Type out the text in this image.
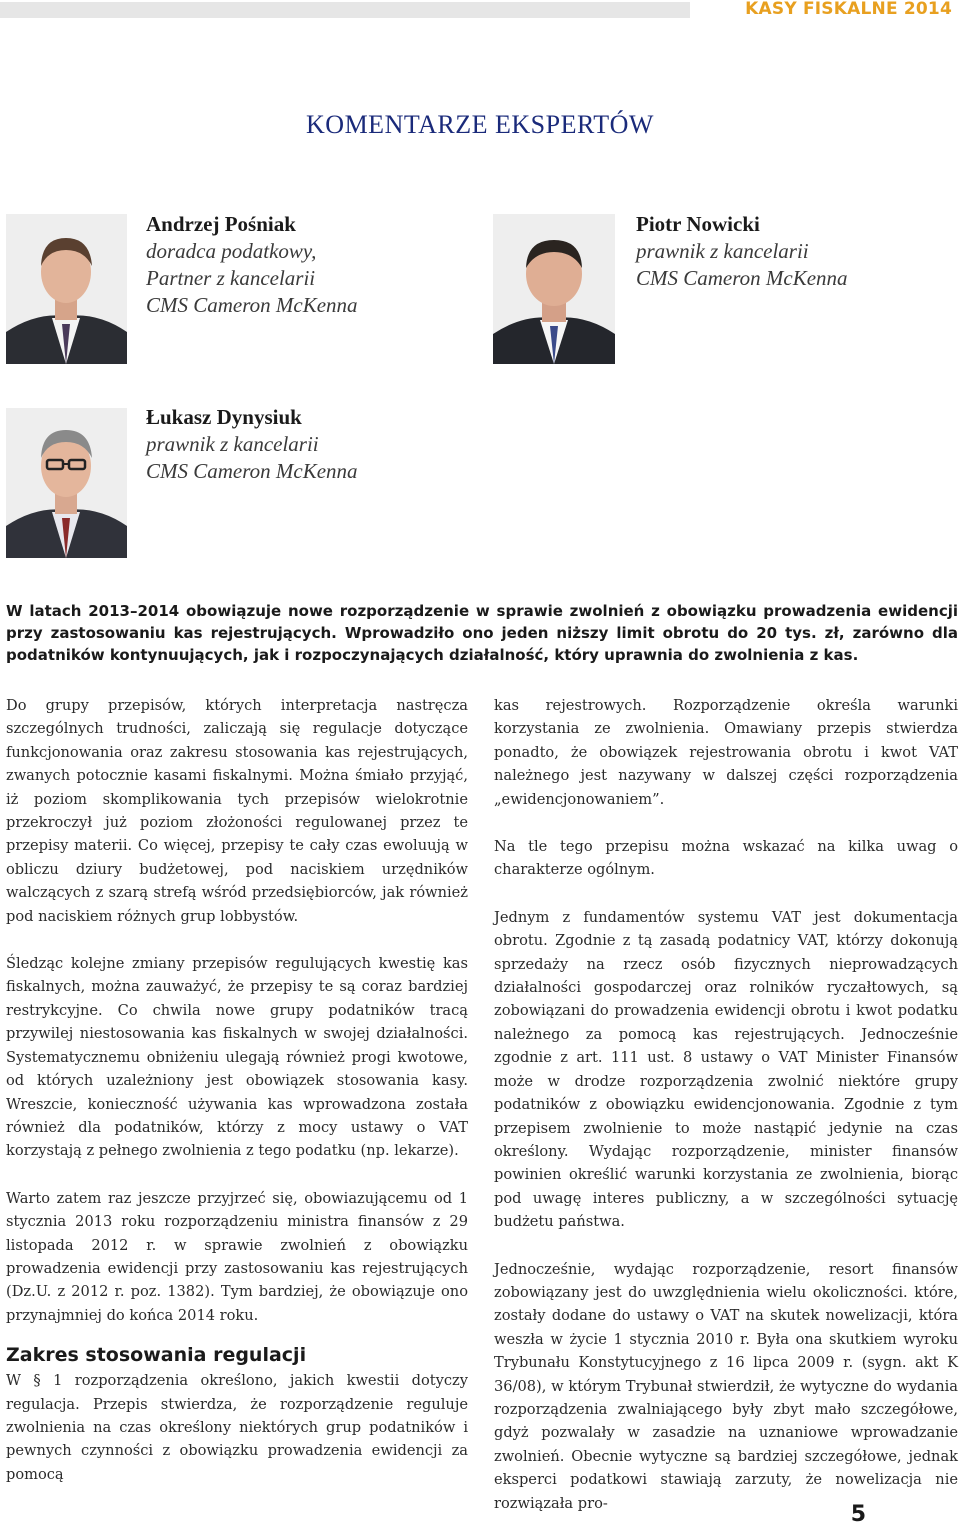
KASY FISKALNE 2014
KOMENTARZE EKSPERTÓW
Andrzej Pośniak
doradca podatkowy,
Partner z kancelarii
CMS Cameron McKenna
Piotr Nowicki
prawnik z kancelarii
CMS Cameron McKenna
Łukasz Dynysiuk
prawnik z kancelarii
CMS Cameron McKenna
W latach 2013–2014 obowiązuje nowe rozporządzenie w sprawie zwolnień z obowiązku prowadzenia ewidencji przy zastosowaniu kas rejestrujących. Wprowadziło ono jeden niższy limit obrotu do 20 tys. zł, zarówno dla podatników kontynuujących, jak i rozpoczynających działalność, który uprawnia do zwolnienia z kas.

Do grupy przepisów, których interpretacja nastręcza szczególnych trudności, zaliczają się regulacje dotyczące funkcjonowania oraz zakresu stosowania kas rejestrujących, zwanych potocznie kasami fiskalnymi. Można śmiało przyjąć, iż poziom skomplikowania tych przepisów wielokrotnie przekroczył już poziom złożoności regulowanej przez te przepisy materii. Co więcej, przepisy te cały czas ewoluują w obliczu dziury budżetowej, pod naciskiem urzędników walczących z szarą strefą wśród przedsiębiorców, jak również pod naciskiem różnych grup lobbystów.

Śledząc kolejne zmiany przepisów regulujących kwestię kas fiskalnych, można zauważyć, że przepisy te są coraz bardziej restrykcyjne. Co chwila nowe grupy podatników tracą przywilej niestosowania kas fiskalnych w swojej działalności. Systematycznemu obniżeniu ulegają również progi kwotowe, od których uzależniony jest obowiązek stosowania kasy. Wreszcie, konieczność używania kas wprowadzona została również dla podatników, którzy z mocy ustawy o VAT korzystają z pełnego zwolnienia z tego podatku (np. lekarze).

Warto zatem raz jeszcze przyjrzeć się, obowiazującemu od 1 stycznia 2013 roku rozporządzeniu ministra finansów z 29 listopada 2012 r. w sprawie zwolnień z obowiązku prowadzenia ewidencji przy zastosowaniu kas rejestrujących (Dz.U. z 2012 r. poz. 1382). Tym bardziej, że obowiązuje ono przynajmniej do końca 2014 roku.

Zakres stosowania regulacji

W § 1 rozporządzenia określono, jakich kwestii dotyczy regulacja. Przepis stwierdza, że rozporządzenie reguluje zwolnienia na czas określony niektórych grup podatników i pewnych czynności z obowiązku prowadzenia ewidencji za pomocą

kas rejestrowych. Rozporządzenie określa warunki korzystania ze zwolnienia. Omawiany przepis stwierdza ponadto, że obowiązek rejestrowania obrotu i kwot VAT należnego jest nazywany w dalszej części rozporządzenia „ewidencjonowaniem”.

Na tle tego przepisu można wskazać na kilka uwag o charakterze ogólnym.

Jednym z fundamentów systemu VAT jest dokumentacja obrotu. Zgodnie z tą zasadą podatnicy VAT, którzy dokonują sprzedaży na rzecz osób fizycznych nieprowadzących działalności gospodarczej oraz rolników ryczałtowych, są zobowiązani do prowadzenia ewidencji obrotu i kwot podatku należnego za pomocą kas rejestrujących. Jednocześnie zgodnie z art. 111 ust. 8 ustawy o VAT Minister Finansów może w drodze rozporządzenia zwolnić niektóre grupy podatników z obowiązku ewidencjonowania. Zgodnie z tym przepisem zwolnienie to może nastąpić jedynie na czas określony. Wydając rozporządzenie, minister finansów powinien określić warunki korzystania ze zwolnienia, biorąc pod uwagę interes publiczny, a w szczególności sytuację budżetu państwa.

Jednocześnie, wydając rozporządzenie, resort finansów zobowiązany jest do uwzględnienia wielu okoliczności. które, zostały dodane do ustawy o VAT na skutek nowelizacji, która weszła w życie 1 stycznia 2010 r. Była ona skutkiem wyroku Trybunału Konstytucyjnego z 16 lipca 2009 r. (sygn. akt K 36/08), w którym Trybunał stwierdził, że wytyczne do wydania rozporządzenia zwalniającego były zbyt mało szczegółowe, gdyż pozwalały w zasadzie na uznaniowe wprowadzanie zwolnień. Obecnie wytyczne są bardziej szczegółowe, jednak eksperci podatkowi stawiają zarzuty, że nowelizacja nie rozwiązała pro-	5
